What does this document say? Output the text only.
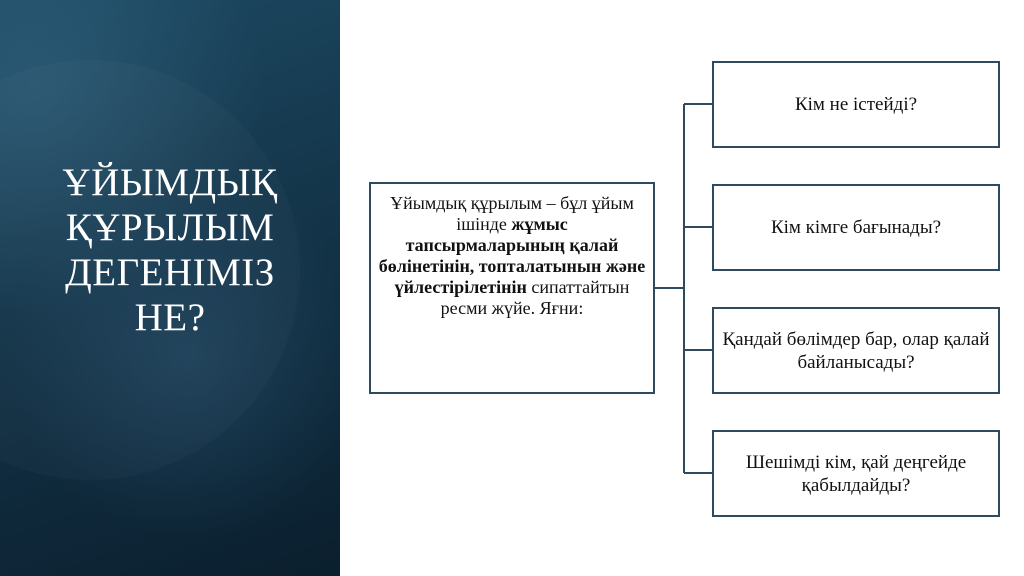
ҰЙЫМДЫҚ
ҚҰРЫЛЫМ
ДЕГЕНІМІЗ
НЕ?
Ұйымдық құрылым – бұл ұйым ішінде жұмыс тапсырмаларының қалай бөлінетінін, топталатынын және үйлестірілетінін сипаттайтын ресми жүйе. Яғни:
Кім не істейді?
Кім кімге бағынады?
Қандай бөлімдер бар, олар қалай байланысады?
Шешімді кім, қай деңгейде қабылдайды?
